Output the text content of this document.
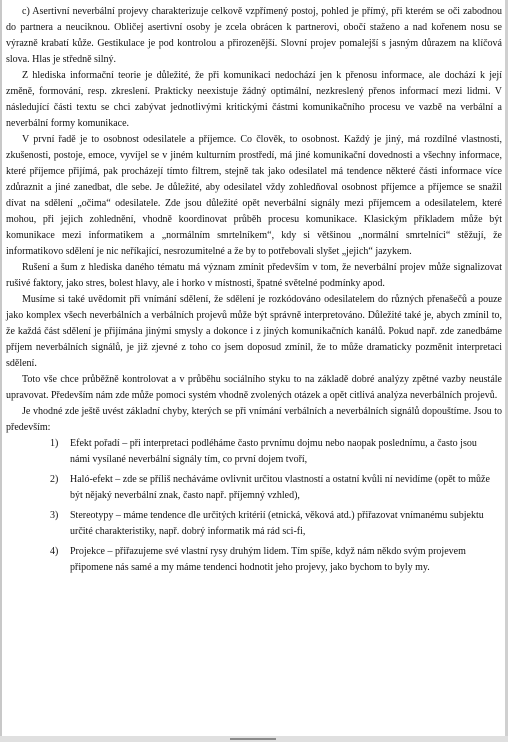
c) Asertivní neverbální projevy charakterizuje celkově vzpřímený postoj, pohled je přímý, při kterém se oči zabodnou do partnera a neuciknou. Obličej asertivní osoby je zcela obrácen k partnerovi, obočí staženo a nad kořenem nosu se výrazně krabatí kůže. Gestikulace je pod kontrolou a přirozenější. Slovní projev pomalejší s jasným důrazem na klíčová slova. Hlas je středně silný.

Z hlediska informační teorie je důležité, že při komunikaci nedochází jen k přenosu informace, ale dochází k její změně, formování, resp. zkreslení. Prakticky neexistuje žádný optimální, nezkreslený přenos informací mezi lidmi. V následující části textu se chci zabývat jednotlivými kritickými částmi komunikačního procesu ve vazbě na verbální a neverbální formy komunikace.

V první řadě je to osobnost odesilatele a příjemce. Co člověk, to osobnost. Každý je jiný, má rozdílné vlastnosti, zkušenosti, postoje, emoce, vyvíjel se v jiném kulturním prostředí, má jiné komunikační dovednosti a všechny informace, které příjemce přijímá, pak procházejí tímto filtrem, stejně tak jako odesilatel má tendence některé části informace více zdůraznit a jiné zanedbat, dle sebe. Je důležité, aby odesilatel vždy zohledňoval osobnost příjemce a příjemce se snažil dívat na sdělení „očima“ odesilatele. Zde jsou důležité opět neverbální signály mezi příjemcem a odesilatelem, které mohou, při jejich zohlednění, vhodně koordinovat průběh procesu komunikace. Klasickým příkladem může být komunikace mezi informatikem a „normálním smrtelníkem“, kdy si většinou „normální smrtelníci“ stěžují, že informatikovo sdělení je nic neříkající, nesrozumitelné a že by to potřebovali slyšet „jejich“ jazykem.

Rušení a šum z hlediska daného tématu má význam zmínit především v tom, že neverbální projev může signalizovat rušivé faktory, jako stres, bolest hlavy, ale i horko v místnosti, špatné světelné podmínky apod.

Musíme si také uvědomit při vnímání sdělení, že sdělení je rozkódováno odesilatelem do různých přenašečů a pouze jako komplex všech neverbálních a verbálních projevů může být správně interpretováno. Důležité také je, abych zmínil to, že každá část sdělení je přijímána jinými smysly a dokonce i z jiných komunikačních kanálů. Pokud např. zde zanedbáme příjem neverbálních signálů, je již zjevné z toho co jsem doposud zmínil, že to může dramaticky pozměnit interpretaci sdělení.

Toto vše chce průběžně kontrolovat a v průběhu sociálního styku to na základě dobré analýzy zpětné vazby neustále upravovat. Především nám zde může pomoci systém vhodně zvolených otázek a opět citlivá analýza neverbálních projevů.

Je vhodné zde ještě uvést základní chyby, kterých se při vnímání verbálních a neverbálních signálů dopouštíme. Jsou to především:

1) Efekt pořadí – při interpretaci podléháme často prvnímu dojmu nebo naopak poslednímu, a často jsou námi vysílané neverbální signály tím, co první dojem tvoří,
2) Haló-efekt – zde se příliš necháváme ovlivnit určitou vlastností a ostatní kvůli ní nevidíme (opět to může být nějaký neverbální znak, často např. příjemný vzhled),
3) Stereotypy – máme tendence dle určitých kritérií (etnická, věková atd.) přiřazovat vnímanému subjektu určité charakteristiky, např. dobrý informatik má rád sci-fi,
4) Projekce – přiřazujeme své vlastní rysy druhým lidem. Tím spíše, když nám někdo svým projevem připomene nás samé a my máme tendenci hodnotit jeho projevy, jako bychom to byly my.
